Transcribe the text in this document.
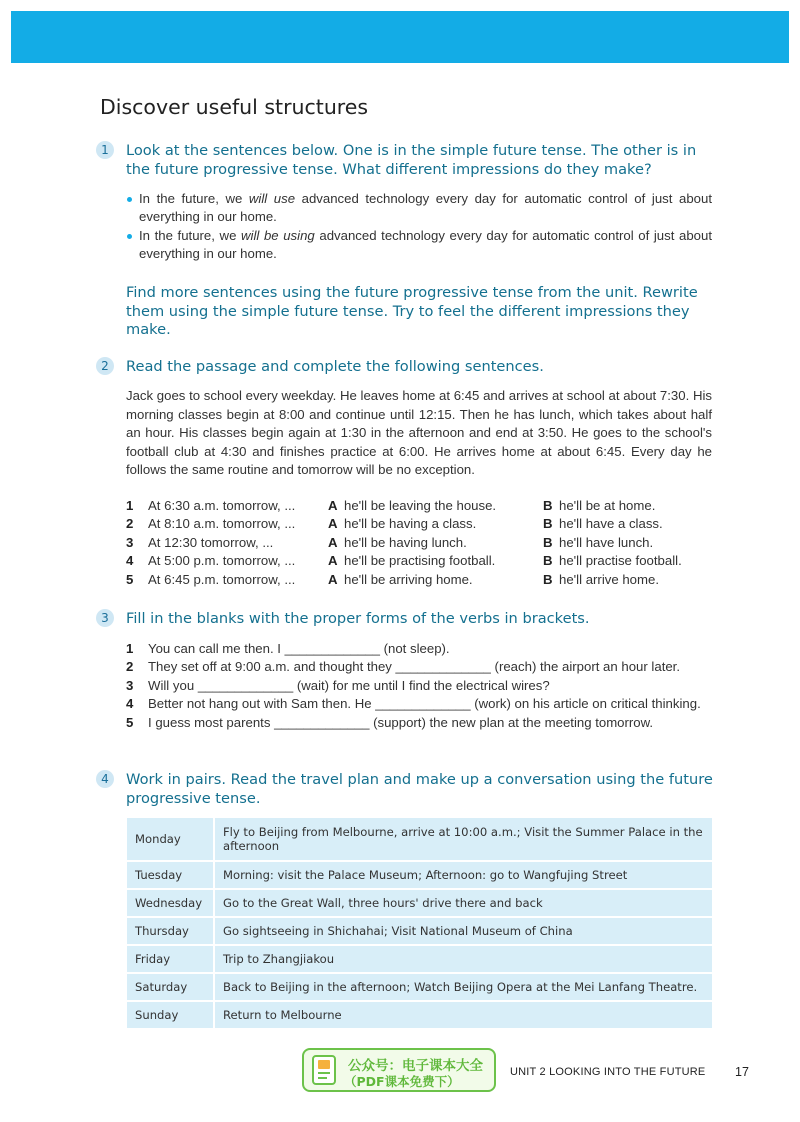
Discover useful structures
1	Look at the sentences below. One is in the simple future tense. The other is in the future progressive tense. What different impressions do they make?
In the future, we will use advanced technology every day for automatic control of just about everything in our home.
In the future, we will be using advanced technology every day for automatic control of just about everything in our home.
Find more sentences using the future progressive tense from the unit. Rewrite them using the simple future tense. Try to feel the different impressions they make.
2	Read the passage and complete the following sentences.
Jack goes to school every weekday. He leaves home at 6:45 and arrives at school at about 7:30. His morning classes begin at 8:00 and continue until 12:15. Then he has lunch, which takes about half an hour. His classes begin again at 1:30 in the afternoon and end at 3:50. He goes to the school's football club at 4:30 and finishes practice at 6:00. He arrives home at about 6:45. Every day he follows the same routine and tomorrow will be no exception.
1 At 6:30 a.m. tomorrow, ... A he'll be leaving the house.	B he'll be at home.
2 At 8:10 a.m. tomorrow, ... A he'll be having a class.	B he'll have a class.
3 At 12:30 tomorrow, ...	A he'll be having lunch.	B he'll have lunch.
4 At 5:00 p.m. tomorrow, ... A he'll be practising football.	B he'll practise football.
5 At 6:45 p.m. tomorrow, ... A he'll be arriving home.	B he'll arrive home.
3	Fill in the blanks with the proper forms of the verbs in brackets.
1 You can call me then. I _____________ (not sleep).
2 They set off at 9:00 a.m. and thought they _____________ (reach) the airport an hour later.
3 Will you _____________ (wait) for me until I find the electrical wires?
4 Better not hang out with Sam then. He _____________ (work) on his article on critical thinking.
5 I guess most parents _____________ (support) the new plan at the meeting tomorrow.
4	Work in pairs. Read the travel plan and make up a conversation using the future progressive tense.
Monday	Fly to Beijing from Melbourne, arrive at 10:00 a.m.; Visit the Summer Palace in the afternoon
Tuesday	Morning: visit the Palace Museum; Afternoon: go to Wangfujing Street
Wednesday	Go to the Great Wall, three hours' drive there and back
Thursday	Go sightseeing in Shichahai; Visit National Museum of China
Friday	Trip to Zhangjiakou
Saturday	Back to Beijing in the afternoon; Watch Beijing Opera at the Mei Lanfang Theatre.
Sunday	Return to Melbourne
公众号：电子课本大全
（PDF课本免费下）
UNIT 2 LOOKING INTO THE FUTURE 17
